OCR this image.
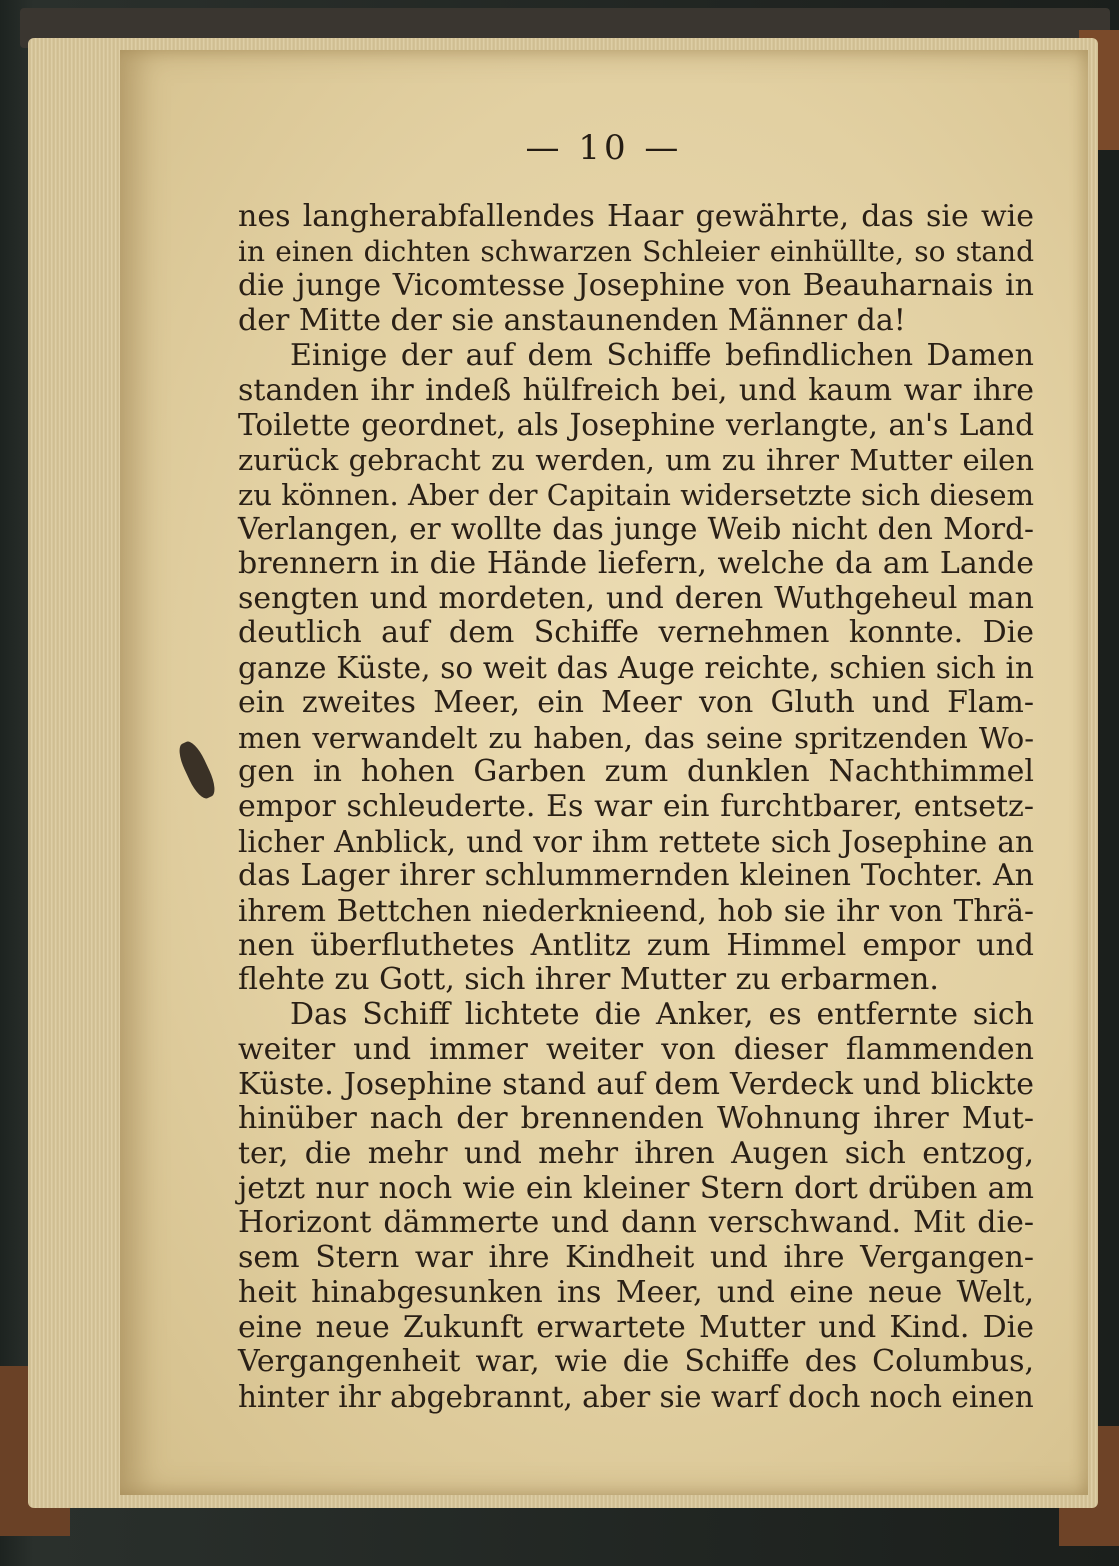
— 10 —
nes langherabfallendes Haar gewährte, das sie wie
in einen dichten schwarzen Schleier einhüllte, so stand
die junge Vicomtesse Josephine von Beauharnais in
der Mitte der sie anstaunenden Männer da!
Einige der auf dem Schiffe befindlichen Damen
standen ihr indeß hülfreich bei, und kaum war ihre
Toilette geordnet, als Josephine verlangte, an's Land
zurück gebracht zu werden, um zu ihrer Mutter eilen
zu können. Aber der Capitain widersetzte sich diesem
Verlangen, er wollte das junge Weib nicht den Mord-
brennern in die Hände liefern, welche da am Lande
sengten und mordeten, und deren Wuthgeheul man
deutlich auf dem Schiffe vernehmen konnte. Die
ganze Küste, so weit das Auge reichte, schien sich in
ein zweites Meer, ein Meer von Gluth und Flam-
men verwandelt zu haben, das seine spritzenden Wo-
gen in hohen Garben zum dunklen Nachthimmel
empor schleuderte. Es war ein furchtbarer, entsetz-
licher Anblick, und vor ihm rettete sich Josephine an
das Lager ihrer schlummernden kleinen Tochter. An
ihrem Bettchen niederknieend, hob sie ihr von Thrä-
nen überfluthetes Antlitz zum Himmel empor und
flehte zu Gott, sich ihrer Mutter zu erbarmen.
Das Schiff lichtete die Anker, es entfernte sich
weiter und immer weiter von dieser flammenden
Küste. Josephine stand auf dem Verdeck und blickte
hinüber nach der brennenden Wohnung ihrer Mut-
ter, die mehr und mehr ihren Augen sich entzog,
jetzt nur noch wie ein kleiner Stern dort drüben am
Horizont dämmerte und dann verschwand. Mit die-
sem Stern war ihre Kindheit und ihre Vergangen-
heit hinabgesunken ins Meer, und eine neue Welt,
eine neue Zukunft erwartete Mutter und Kind. Die
Vergangenheit war, wie die Schiffe des Columbus,
hinter ihr abgebrannt, aber sie warf doch noch einen
